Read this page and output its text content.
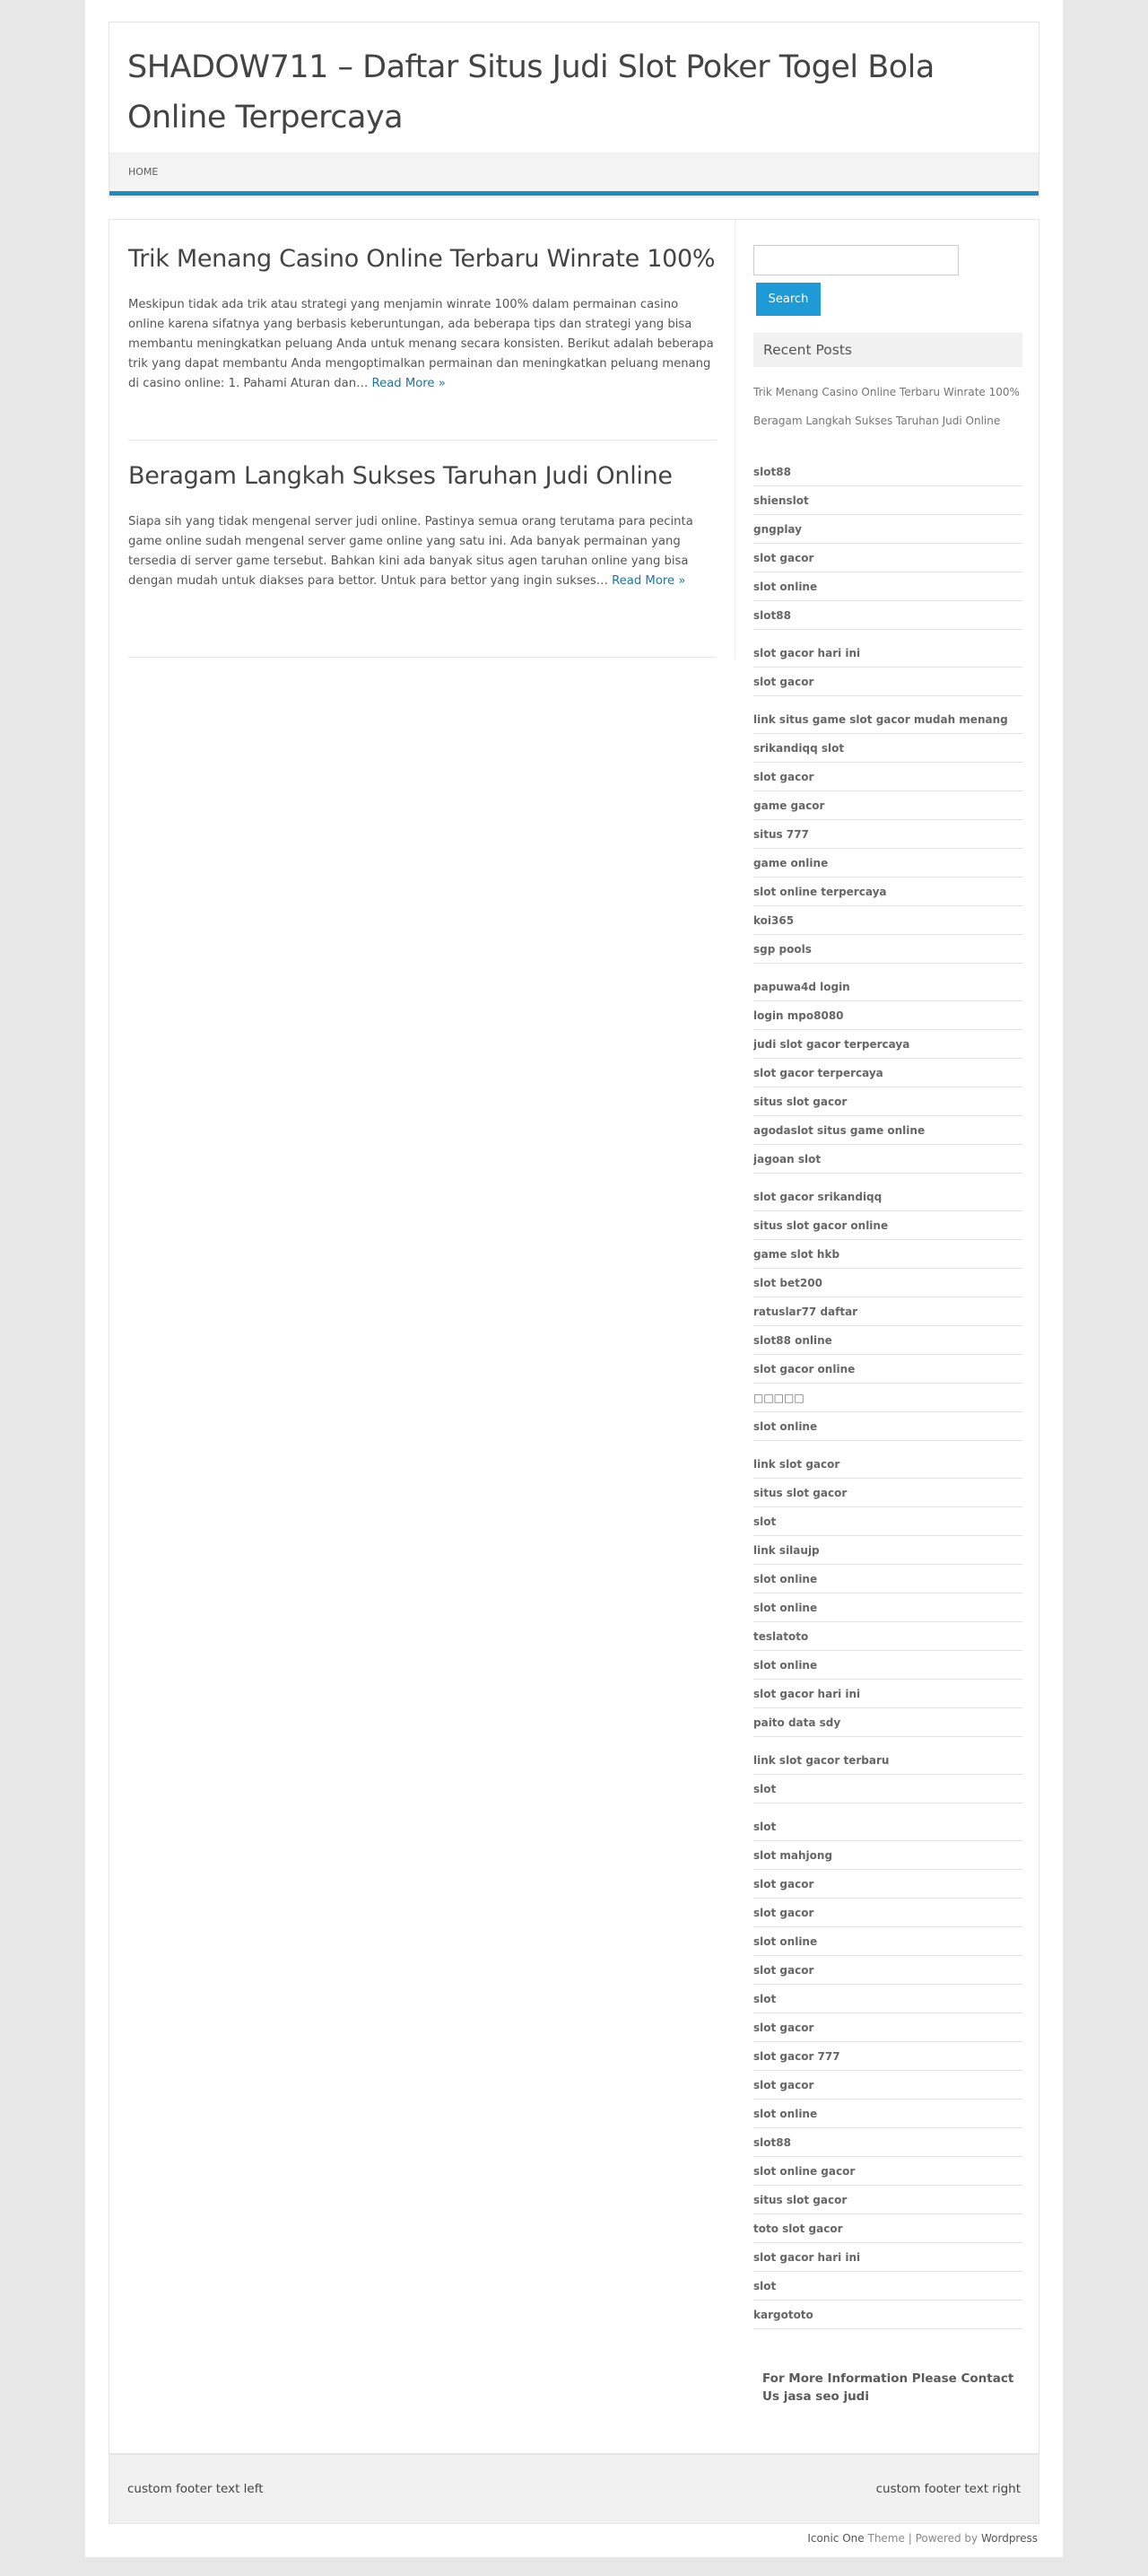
SHADOW711 – Daftar Situs Judi Slot Poker Togel Bola Online Terpercaya
HOME
Trik Menang Casino Online Terbaru Winrate 100%

Meskipun tidak ada trik atau strategi yang menjamin winrate 100% dalam permainan casino online karena sifatnya yang berbasis keberuntungan, ada beberapa tips dan strategi yang bisa membantu meningkatkan peluang Anda untuk menang secara konsisten. Berikut adalah beberapa trik yang dapat membantu Anda mengoptimalkan permainan dan meningkatkan peluang menang di casino online: 1. Pahami Aturan dan… Read More »

Beragam Langkah Sukses Taruhan Judi Online

Siapa sih yang tidak mengenal server judi online. Pastinya semua orang terutama para pecinta game online sudah mengenal server game online yang satu ini. Ada banyak permainan yang tersedia di server game tersebut. Bahkan kini ada banyak situs agen taruhan online yang bisa dengan mudah untuk diakses para bettor. Untuk para bettor yang ingin sukses… Read More »

Search
Recent Posts
Trik Menang Casino Online Terbaru Winrate 100%
Beragam Langkah Sukses Taruhan Judi Online
slot88
shienslot
gngplay
slot gacor
slot online
slot88
slot gacor hari ini
slot gacor
link situs game slot gacor mudah menang
srikandiqq slot
slot gacor
game gacor
situs 777
game online
slot online terpercaya
koi365
sgp pools
papuwa4d login
login mpo8080
judi slot gacor terpercaya
slot gacor terpercaya
situs slot gacor
agodaslot situs game online
jagoan slot
slot gacor srikandiqq
situs slot gacor online
game slot hkb
slot bet200
ratuslar77 daftar
slot88 online
slot gacor online
□□□□□
slot online
link slot gacor
situs slot gacor
slot
link silaujp
slot online
slot online
teslatoto
slot online
slot gacor hari ini
paito data sdy
link slot gacor terbaru
slot
slot
slot mahjong
slot gacor
slot gacor
slot online
slot gacor
slot
slot gacor
slot gacor 777
slot gacor
slot online
slot88
slot online gacor
situs slot gacor
toto slot gacor
slot gacor hari ini
slot
kargototo

For More Information Please Contact Us jasa seo judi

custom footer text left	custom footer text right
Iconic One Theme | Powered by Wordpress
